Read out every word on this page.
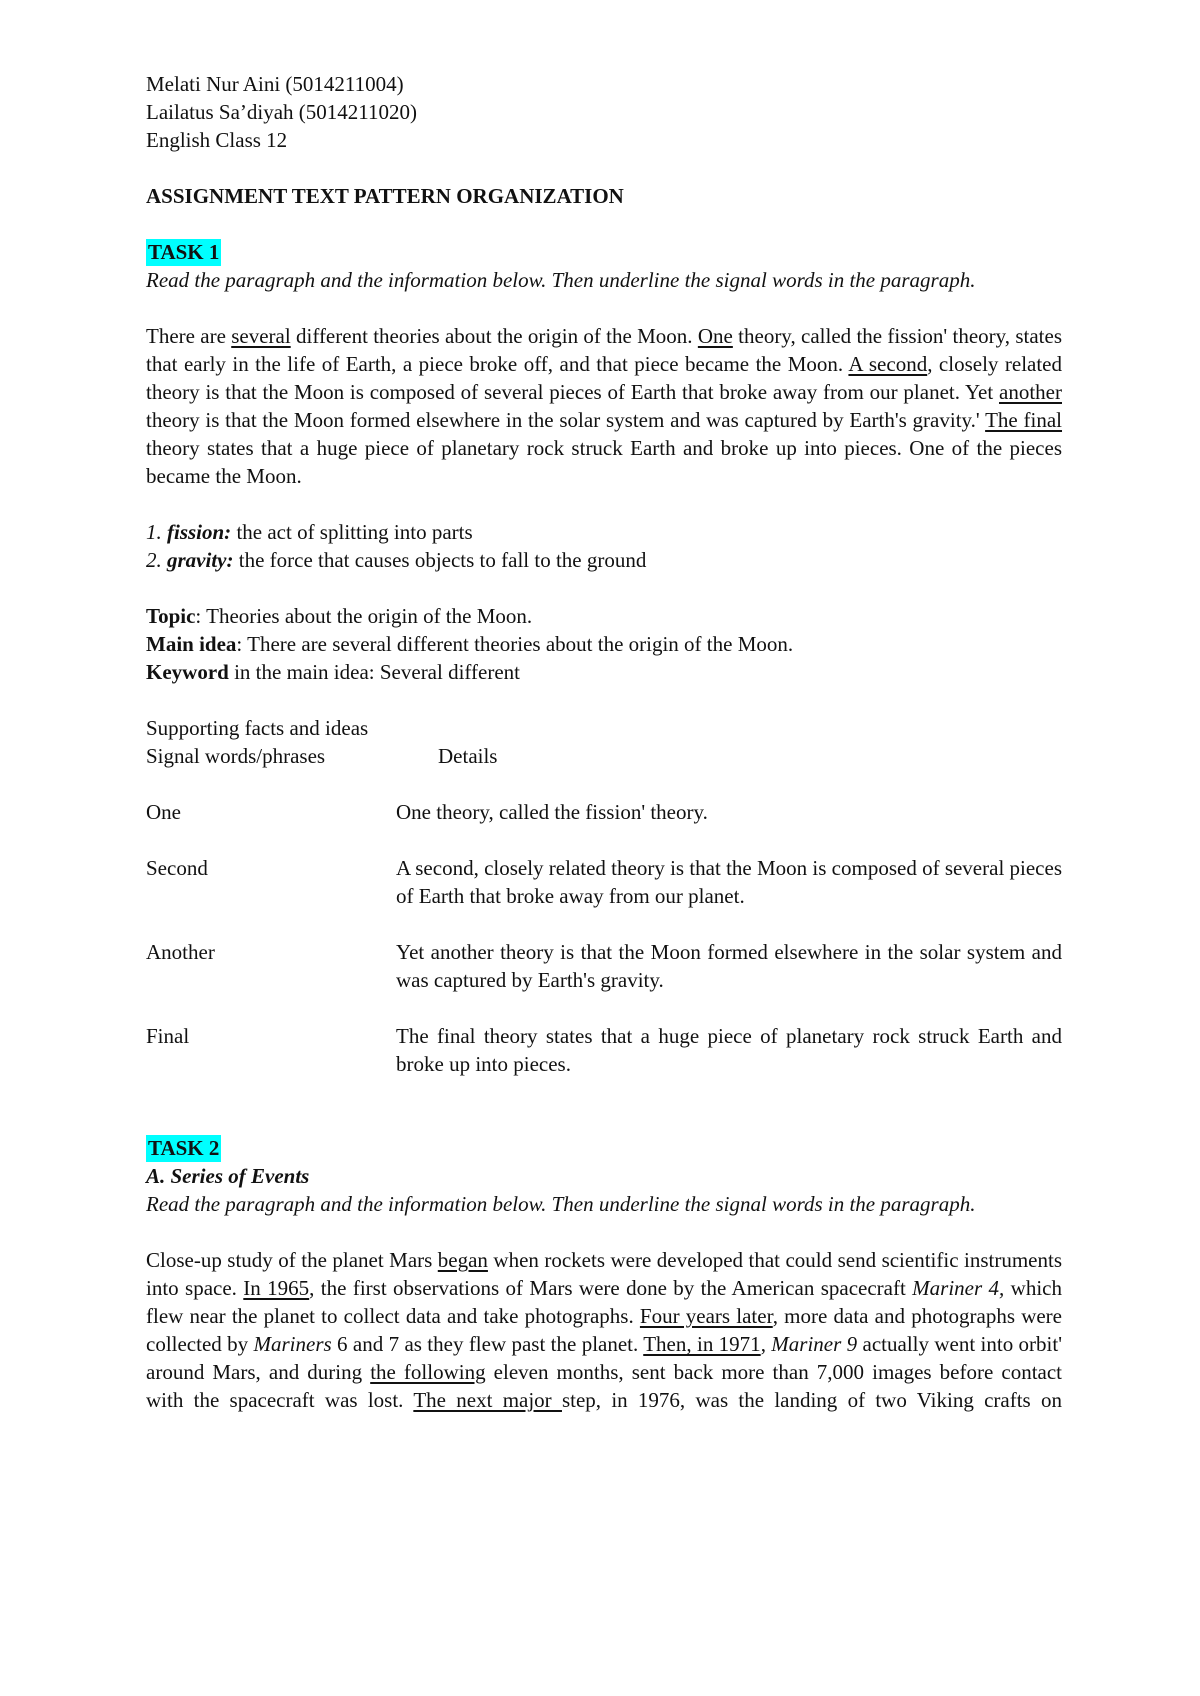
Melati Nur Aini (5014211004)
Lailatus Sa’diyah (5014211020)
English Class 12
ASSIGNMENT TEXT PATTERN ORGANIZATION
TASK 1
Read the paragraph and the information below. Then underline the signal words in the paragraph.
There are several different theories about the origin of the Moon. One theory, called the fission' theory, states that early in the life of Earth, a piece broke off, and that piece became the Moon. A second, closely related theory is that the Moon is composed of several pieces of Earth that broke away from our planet. Yet another theory is that the Moon formed elsewhere in the solar system and was captured by Earth's gravity.' The final theory states that a huge piece of planetary rock struck Earth and broke up into pieces. One of the pieces became the Moon.
1. fission: the act of splitting into parts
2. gravity: the force that causes objects to fall to the ground
Topic: Theories about the origin of the Moon.
Main idea: There are several different theories about the origin of the Moon.
Keyword in the main idea: Several different
Supporting facts and ideas
Signal words/phrases	Details
One	One theory, called the fission' theory.
Second	A second, closely related theory is that the Moon is composed of several pieces of Earth that broke away from our planet.
Another	Yet another theory is that the Moon formed elsewhere in the solar system and was captured by Earth's gravity.
Final	The final theory states that a huge piece of planetary rock struck Earth and broke up into pieces.
TASK 2
A. Series of Events
Read the paragraph and the information below. Then underline the signal words in the paragraph.
Close-up study of the planet Mars began when rockets were developed that could send scientific instruments into space. In 1965, the first observations of Mars were done by the American spacecraft Mariner 4, which flew near the planet to collect data and take photographs. Four years later, more data and photographs were collected by Mariners 6 and 7 as they flew past the planet. Then, in 1971, Mariner 9 actually went into orbit' around Mars, and during the following eleven months, sent back more than 7,000 images before contact with the spacecraft was lost. The next major step, in 1976, was the landing of two Viking crafts on
